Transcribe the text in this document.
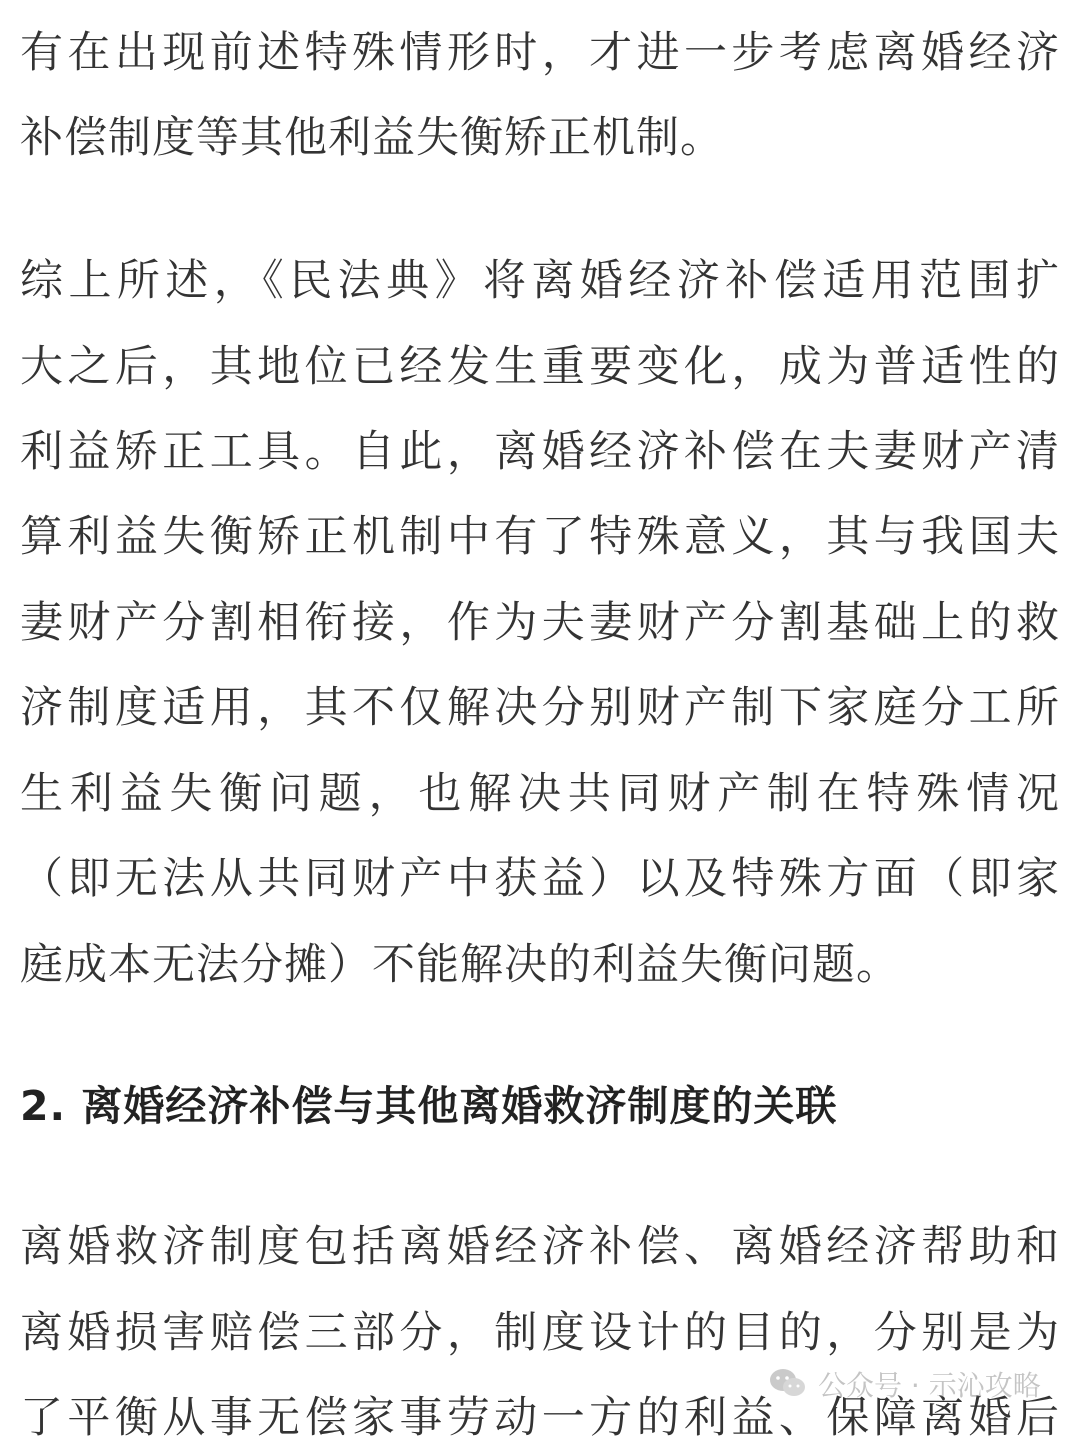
有在出现前述特殊情形时，才进一步考虑离婚经济
补偿制度等其他利益失衡矫正机制。
综上所述，《民法典》将离婚经济补偿适用范围扩
大之后，其地位已经发生重要变化，成为普适性的
利益矫正工具。自此，离婚经济补偿在夫妻财产清
算利益失衡矫正机制中有了特殊意义，其与我国夫
妻财产分割相衔接，作为夫妻财产分割基础上的救
济制度适用，其不仅解决分别财产制下家庭分工所
生利益失衡问题，也解决共同财产制在特殊情况
（即无法从共同财产中获益）以及特殊方面（即家
庭成本无法分摊）不能解决的利益失衡问题。
2. 离婚经济补偿与其他离婚救济制度的关联
离婚救济制度包括离婚经济补偿、离婚经济帮助和
离婚损害赔偿三部分，制度设计的目的，分别是为
了平衡从事无偿家事劳动一方的利益、保障离婚后
公众号 · 示沁攻略
